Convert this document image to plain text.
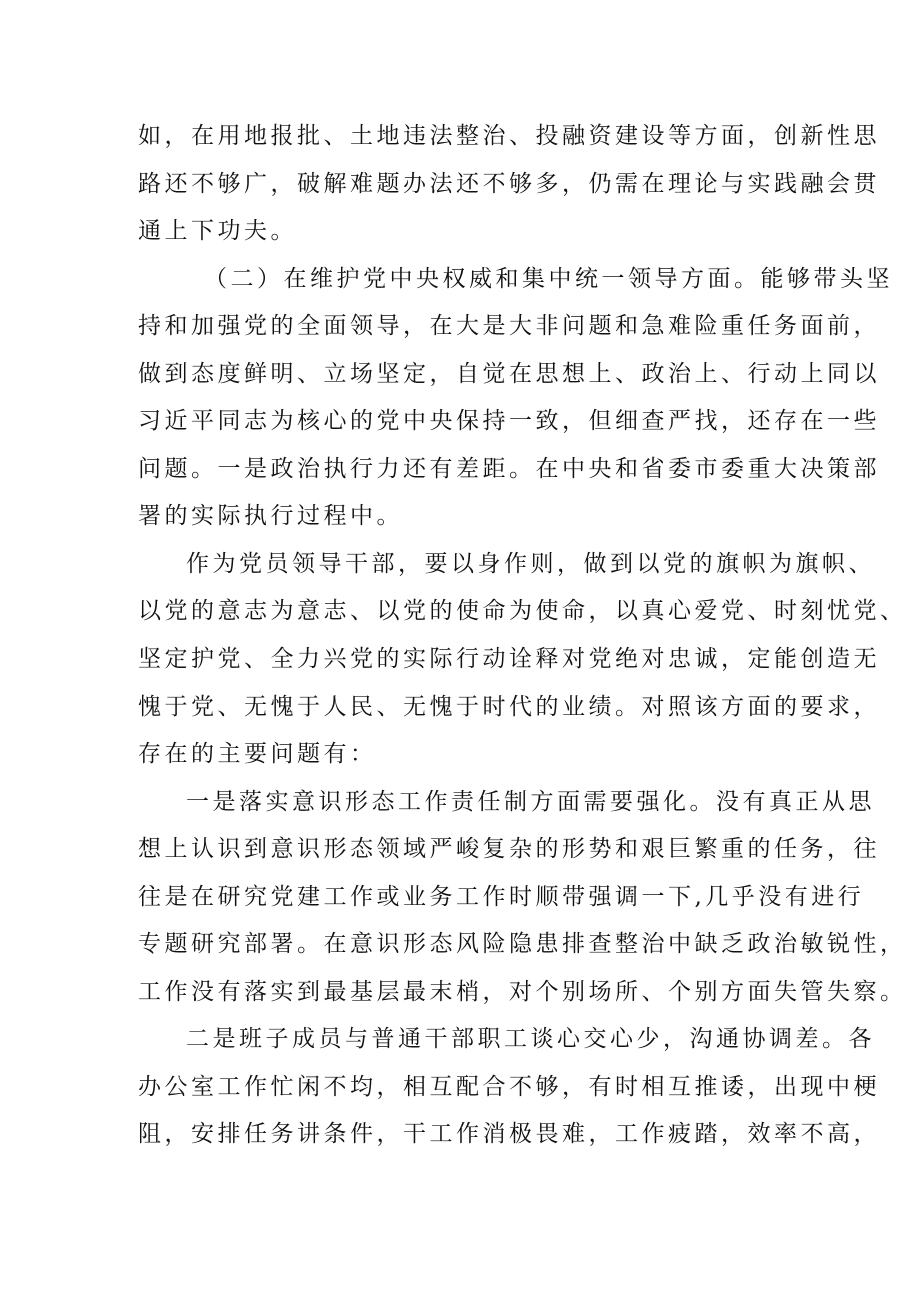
如，在用地报批、土地违法整治、投融资建设等方面，创新性思
路还不够广，破解难题办法还不够多，仍需在理论与实践融会贯
通上下功夫。
（二）在维护党中央权威和集中统一领导方面。能够带头坚
持和加强党的全面领导，在大是大非问题和急难险重任务面前，
做到态度鲜明、立场坚定，自觉在思想上、政治上、行动上同以
习近平同志为核心的党中央保持一致，但细查严找，还存在一些
问题。一是政治执行力还有差距。在中央和省委市委重大决策部
署的实际执行过程中。
作为党员领导干部，要以身作则，做到以党的旗帜为旗帜、
以党的意志为意志、以党的使命为使命，以真心爱党、时刻忧党、
坚定护党、全力兴党的实际行动诠释对党绝对忠诚，定能创造无
愧于党、无愧于人民、无愧于时代的业绩。对照该方面的要求，
存在的主要问题有：
一是落实意识形态工作责任制方面需要强化。没有真正从思
想上认识到意识形态领域严峻复杂的形势和艰巨繁重的任务，往
往是在研究党建工作或业务工作时顺带强调一下,几乎没有进行
专题研究部署。在意识形态风险隐患排查整治中缺乏政治敏锐性，
工作没有落实到最基层最末梢，对个别场所、个别方面失管失察。
二是班子成员与普通干部职工谈心交心少，沟通协调差。各
办公室工作忙闲不均，相互配合不够，有时相互推诿，出现中梗
阻，安排任务讲条件，干工作消极畏难，工作疲踏，效率不高，
